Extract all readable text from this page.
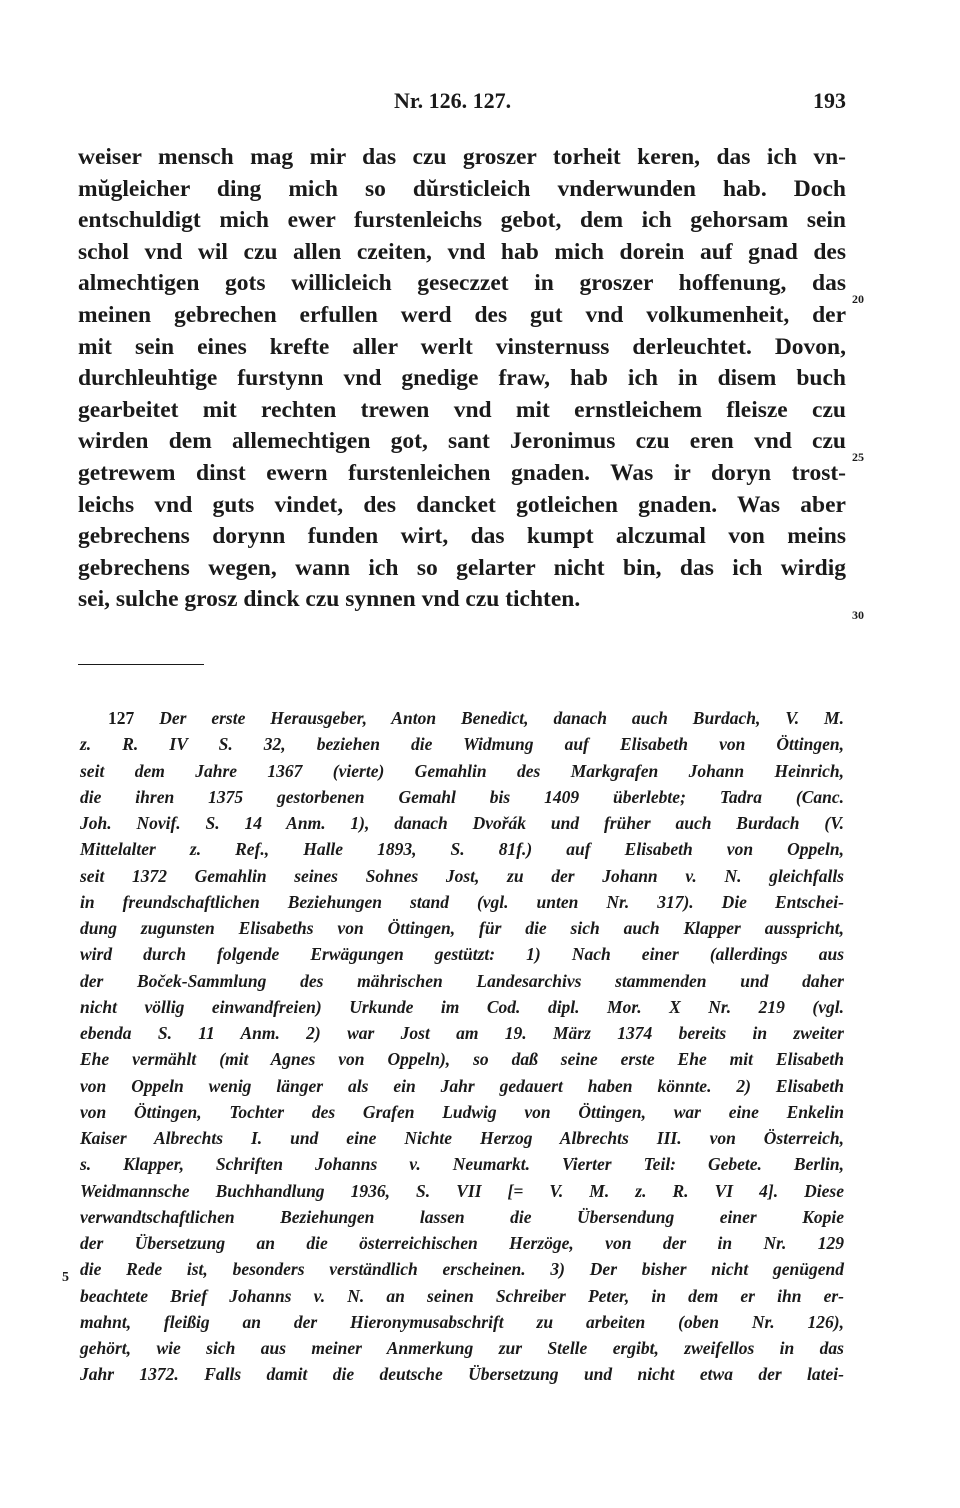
Nr. 126. 127.	193
weiser mensch mag mir das czu groszer torheit keren, das ich vn-
mŭgleicher ding mich so dŭrsticleich vnderwunden hab. Doch
entschuldigt mich ewer furstenleichs gebot, dem ich gehorsam sein
schol vnd wil czu allen czeiten, vnd hab mich dorein auf gnad des
almechtigen gots willicleich geseczzet in groszer hoffenung, das
meinen gebrechen erfullen werd des gut vnd volkumenheit, der
mit sein eines krefte aller werlt vinsternuss derleuchtet. Dovon,
durchleuhtige furstynn vnd gnedige fraw, hab ich in disem buch
gearbeitet mit rechten trewen vnd mit ernstleichem fleisze czu
wirden dem allemechtigen got, sant Jeronimus czu eren vnd czu
getrewem dinst ewern furstenleichen gnaden. Was ir doryn trost-
leichs vnd guts vindet, des dancket gotleichen gnaden. Was aber
gebrechens dorynn funden wirt, das kumpt alczumal von meins
gebrechens wegen, wann ich so gelarter nicht bin, das ich wirdig
sei, sulche grosz dinck czu synnen vnd czu tichten.
20
25
30
127 Der erste Herausgeber, Anton Benedict, danach auch Burdach, V. M.
z. R. IV S. 32, beziehen die Widmung auf Elisabeth von Öttingen,
seit dem Jahre 1367 (vierte) Gemahlin des Markgrafen Johann Heinrich,
die ihren 1375 gestorbenen Gemahl bis 1409 überlebte; Tadra (Canc.
Joh. Novif. S. 14 Anm. 1), danach Dvořák und früher auch Burdach (V.
Mittelalter z. Ref., Halle 1893, S. 81f.) auf Elisabeth von Oppeln,
seit 1372 Gemahlin seines Sohnes Jost, zu der Johann v. N. gleichfalls
in freundschaftlichen Beziehungen stand (vgl. unten Nr. 317). Die Entschei-
dung zugunsten Elisabeths von Öttingen, für die sich auch Klapper ausspricht,
wird durch folgende Erwägungen gestützt: 1) Nach einer (allerdings aus
der Boček-Sammlung des mährischen Landesarchivs stammenden und daher
nicht völlig einwandfreien) Urkunde im Cod. dipl. Mor. X Nr. 219 (vgl.
ebenda S. 11 Anm. 2) war Jost am 19. März 1374 bereits in zweiter
Ehe vermählt (mit Agnes von Oppeln), so daß seine erste Ehe mit Elisabeth
von Oppeln wenig länger als ein Jahr gedauert haben könnte. 2) Elisabeth
von Öttingen, Tochter des Grafen Ludwig von Öttingen, war eine Enkelin
Kaiser Albrechts I. und eine Nichte Herzog Albrechts III. von Österreich,
s. Klapper, Schriften Johanns v. Neumarkt. Vierter Teil: Gebete. Berlin,
Weidmannsche Buchhandlung 1936, S. VII [= V. M. z. R. VI 4]. Diese
verwandtschaftlichen Beziehungen lassen die Übersendung einer Kopie
der Übersetzung an die österreichischen Herzöge, von der in Nr. 129
die Rede ist, besonders verständlich erscheinen. 3) Der bisher nicht genügend
beachtete Brief Johanns v. N. an seinen Schreiber Peter, in dem er ihn er-
mahnt, fleißig an der Hieronymusabschrift zu arbeiten (oben Nr. 126),
gehört, wie sich aus meiner Anmerkung zur Stelle ergibt, zweifellos in das
Jahr 1372. Falls damit die deutsche Übersetzung und nicht etwa der latei-
5
